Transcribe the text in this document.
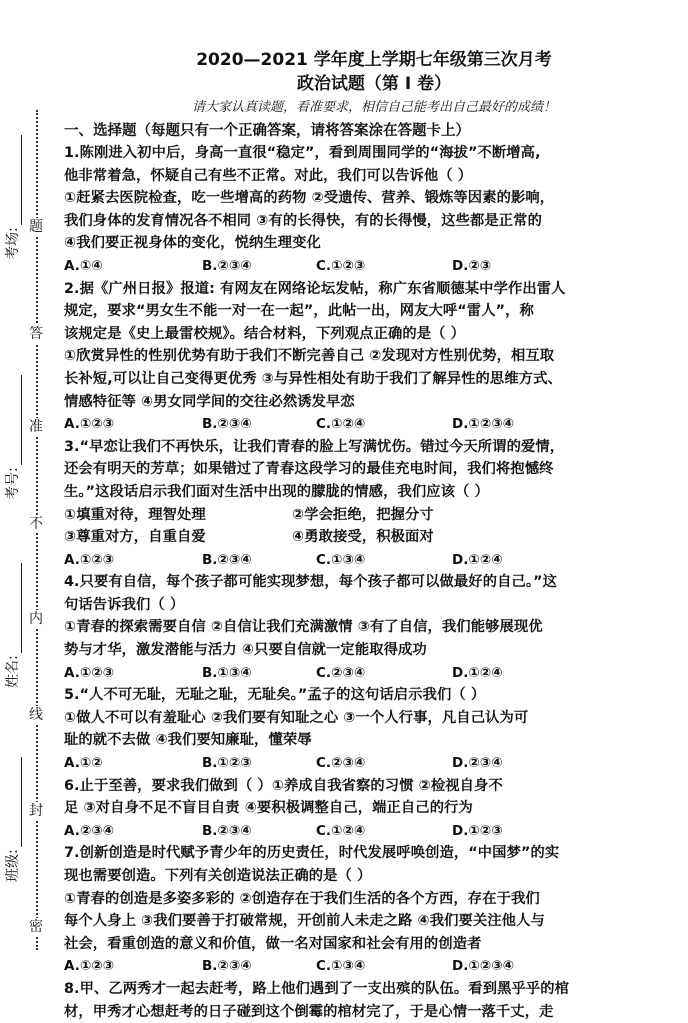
题
答
准
不
内
线
封
密
考场:
考号:
姓名:
班级:

2020—2021 学年度上学期七年级第三次月考

政治试题（第 I 卷）

请大家认真读题，看准要求，相信自己能考出自己最好的成绩！

一、选择题（每题只有一个正确答案，请将答案涂在答题卡上）

1.陈刚进入初中后，身高一直很“稳定”，看到周围同学的“海拔”不断增高,

他非常着急，怀疑自己有些不正常。对此，我们可以告诉他（ ）

①赶紧去医院检查，吃一些增高的药物 ②受遗传、营养、锻炼等因素的影响，

我们身体的发育情况各不相同 ③有的长得快，有的长得慢，这些都是正常的

④我们要正视身体的变化，悦纳生理变化

A.①④	B.②③④	C.①②③	D.②③

2.据《广州日报》报道: 有网友在网络论坛发帖，称广东省顺德某中学作出雷人

规定，要求“男女生不能一对一在一起”，此帖一出，网友大呼“雷人”，称

该规定是《史上最雷校规》。结合材料，下列观点正确的是（ ）

①欣赏异性的性别优势有助于我们不断完善自己 ②发现对方性别优势，相互取

长补短,可以让自己变得更优秀 ③与异性相处有助于我们了解异性的思维方式、

情感特征等 ④男女同学间的交往必然诱发早恋

A.①②③	B.②③④	C.①②④	D.①②③④

3.“早恋让我们不再快乐，让我们青春的脸上写满忧伤。错过今天所谓的爱情，

还会有明天的芳草；如果错过了青春这段学习的最佳充电时间，我们将抱憾终

生。”这段话启示我们面对生活中出现的朦胧的情感，我们应该（ ）

①填重对待，理智处理	②学会拒绝，把握分寸

③尊重对方，自重自爱	④勇敢接受，积极面对

A.①②③	B.②③④	C.①③④	D.①②④

4.只要有自信，每个孩子都可能实现梦想，每个孩子都可以做最好的自己。”这

句话告诉我们（ ）

①青春的探索需要自信 ②自信让我们充满激情 ③有了自信，我们能够展现优

势与才华，激发潜能与活力 ④只要自信就一定能取得成功

A.①②③	B.①③④	C.②③④	D.①②④

5.“人不可无耻，无耻之耻，无耻矣。”孟子的这句话启示我们（ ）

①做人不可以有羞耻心 ②我们要有知耻之心 ③一个人行事，凡自己认为可

耻的就不去做 ④我们要知廉耻，懂荣辱

A.①②	B.①②③	C.②③④	D.②③④

6.止于至善，要求我们做到（ ）①养成自我省察的习惯 ②检视自身不

足 ③对自身不足不盲目自责 ④要积极调整自己，端正自己的行为

A.②③④	B.②③④	C.①②④	D.①②③

7.创新创造是时代赋予青少年的历史责任，时代发展呼唤创造，“中国梦”的实

现也需要创造。下列有关创造说法正确的是（ ）

①青春的创造是多姿多彩的 ②创造存在于我们生活的各个方西，存在于我们

每个人身上 ③我们要善于打破常规，开创前人未走之路 ④我们要关注他人与

社会，看重创造的意义和价值，做一名对国家和社会有用的创造者

A.①②③	B.②③④	C.①③④	D.①②③④

8.甲、乙两秀才一起去赶考，路上他们遇到了一支出殡的队伍。看到黑乎乎的棺

材，甲秀才心想赶考的日子碰到这个倒霉的棺材完了，于是心情一落千丈，走
